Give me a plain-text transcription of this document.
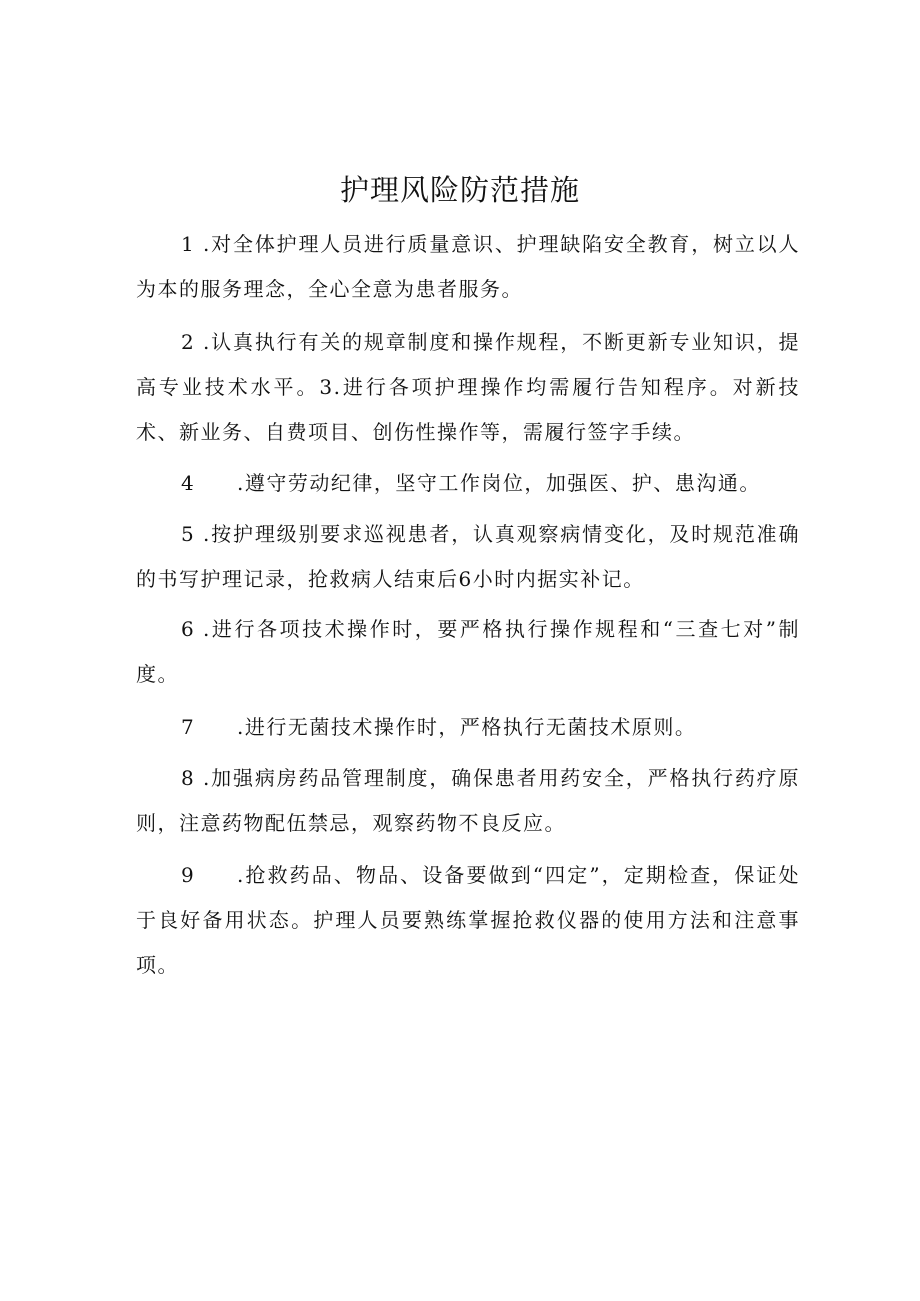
护理风险防范措施
1 .对全体护理人员进行质量意识、护理缺陷安全教育，树立以人为本的服务理念，全心全意为患者服务。
2 .认真执行有关的规章制度和操作规程，不断更新专业知识，提高专业技术水平。3.进行各项护理操作均需履行告知程序。对新技术、新业务、自费项目、创伤性操作等，需履行签字手续。
4 .遵守劳动纪律，坚守工作岗位，加强医、护、患沟通。
5 .按护理级别要求巡视患者，认真观察病情变化，及时规范准确的书写护理记录，抢救病人结束后6小时内据实补记。
6 .进行各项技术操作时，要严格执行操作规程和“三查七对”制度。
7 .进行无菌技术操作时，严格执行无菌技术原则。
8 .加强病房药品管理制度，确保患者用药安全，严格执行药疗原则，注意药物配伍禁忌，观察药物不良反应。
9 .抢救药品、物品、设备要做到“四定”，定期检查，保证处于良好备用状态。护理人员要熟练掌握抢救仪器的使用方法和注意事项。
